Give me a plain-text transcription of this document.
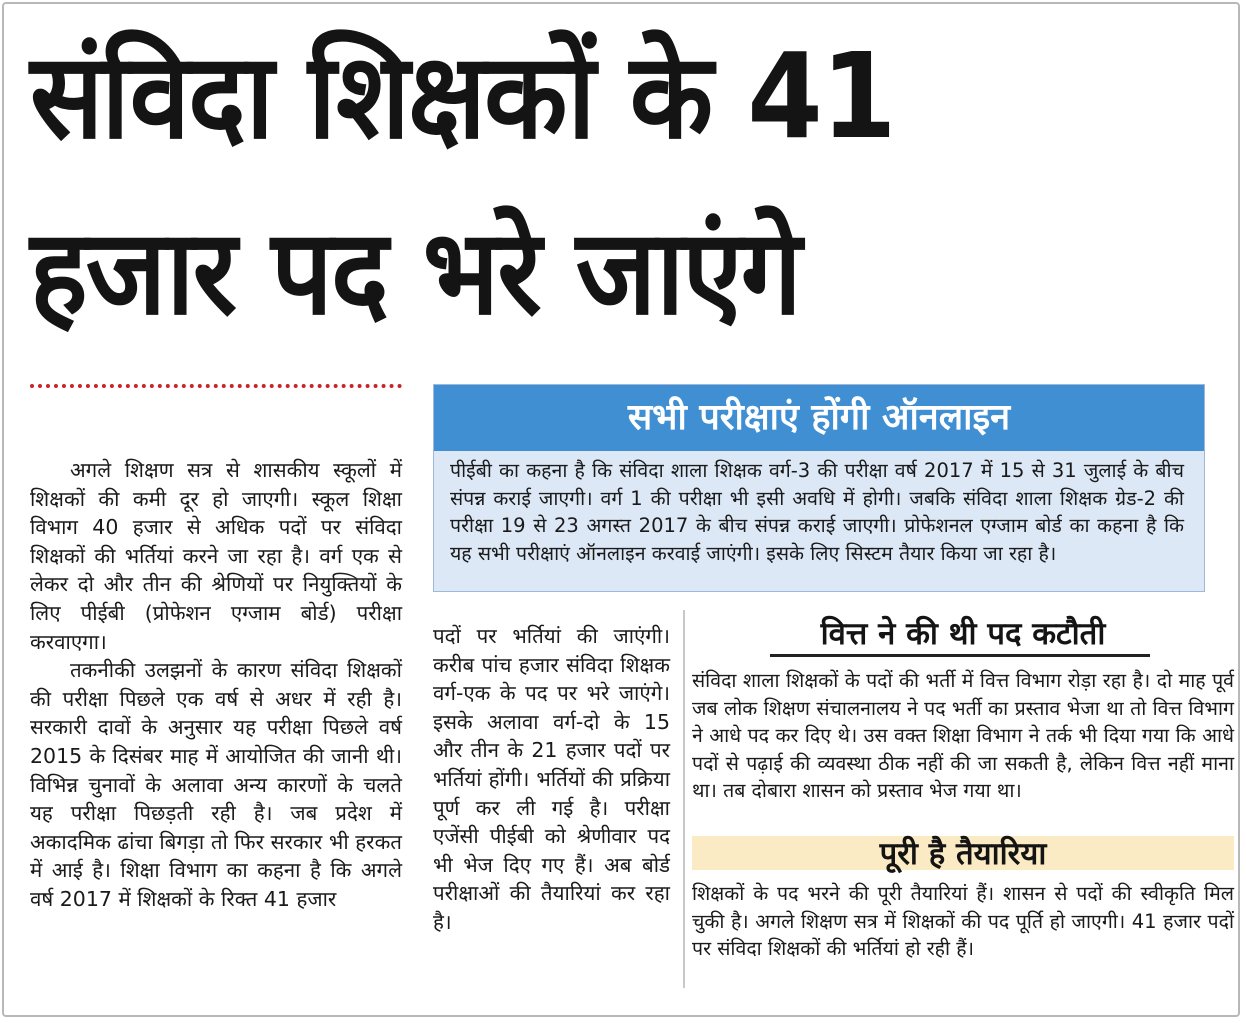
संविदा शिक्षकों के 41
हजार पद भरे जाएंगे

अगले शिक्षण सत्र से शासकीय स्कूलों में शिक्षकों की कमी दूर हो जाएगी। स्कूल शिक्षा विभाग 40 हजार से अधिक पदों पर संविदा शिक्षकों की भर्तियां करने जा रहा है। वर्ग एक से लेकर दो और तीन की श्रेणियों पर नियुक्तियों के लिए पीईबी (प्रोफेशन एग्जाम बोर्ड) परीक्षा करवाएगा।

तकनीकी उलझनों के कारण संविदा शिक्षकों की परीक्षा पिछले एक वर्ष से अधर में रही है। सरकारी दावों के अनुसार यह परीक्षा पिछले वर्ष 2015 के दिसंबर माह में आयोजित की जानी थी। विभिन्न चुनावों के अलावा अन्य कारणों के चलते यह परीक्षा पिछड़ती रही है। जब प्रदेश में अकादमिक ढांचा बिगड़ा तो फिर सरकार भी हरकत में आई है। शिक्षा विभाग का कहना है कि अगले वर्ष 2017 में शिक्षकों के रिक्त 41 हजार

सभी परीक्षाएं होंगी ऑनलाइन

पीईबी का कहना है कि संविदा शाला शिक्षक वर्ग-3 की परीक्षा वर्ष 2017 में 15 से 31 जुलाई के बीच संपन्न कराई जाएगी। वर्ग 1 की परीक्षा भी इसी अवधि में होगी। जबकि संविदा शाला शिक्षक ग्रेड-2 की परीक्षा 19 से 23 अगस्त 2017 के बीच संपन्न कराई जाएगी। प्रोफेशनल एग्जाम बोर्ड का कहना है कि यह सभी परीक्षाएं ऑनलाइन करवाई जाएंगी। इसके लिए सिस्टम तैयार किया जा रहा है।

पदों पर भर्तियां की जाएंगी। करीब पांच हजार संविदा शिक्षक वर्ग-एक के पद पर भरे जाएंगे। इसके अलावा वर्ग-दो के 15 और तीन के 21 हजार पदों पर भर्तियां होंगी। भर्तियों की प्रक्रिया पूर्ण कर ली गई है। परीक्षा एजेंसी पीईबी को श्रेणीवार पद भी भेज दिए गए हैं। अब बोर्ड परीक्षाओं की तैयारियां कर रहा है।

वित्त ने की थी पद कटौती

संविदा शाला शिक्षकों के पदों की भर्ती में वित्त विभाग रोड़ा रहा है। दो माह पूर्व जब लोक शिक्षण संचालनालय ने पद भर्ती का प्रस्ताव भेजा था तो वित्त विभाग ने आधे पद कर दिए थे। उस वक्त शिक्षा विभाग ने तर्क भी दिया गया कि आधे पदों से पढ़ाई की व्यवस्था ठीक नहीं की जा सकती है, लेकिन वित्त नहीं माना था। तब दोबारा शासन को प्रस्ताव भेज गया था।

पूरी है तैयारिया

शिक्षकों के पद भरने की पूरी तैयारियां हैं। शासन से पदों की स्वीकृति मिल चुकी है। अगले शिक्षण सत्र में शिक्षकों की पद पूर्ति हो जाएगी। 41 हजार पदों पर संविदा शिक्षकों की भर्तियां हो रही हैं।
